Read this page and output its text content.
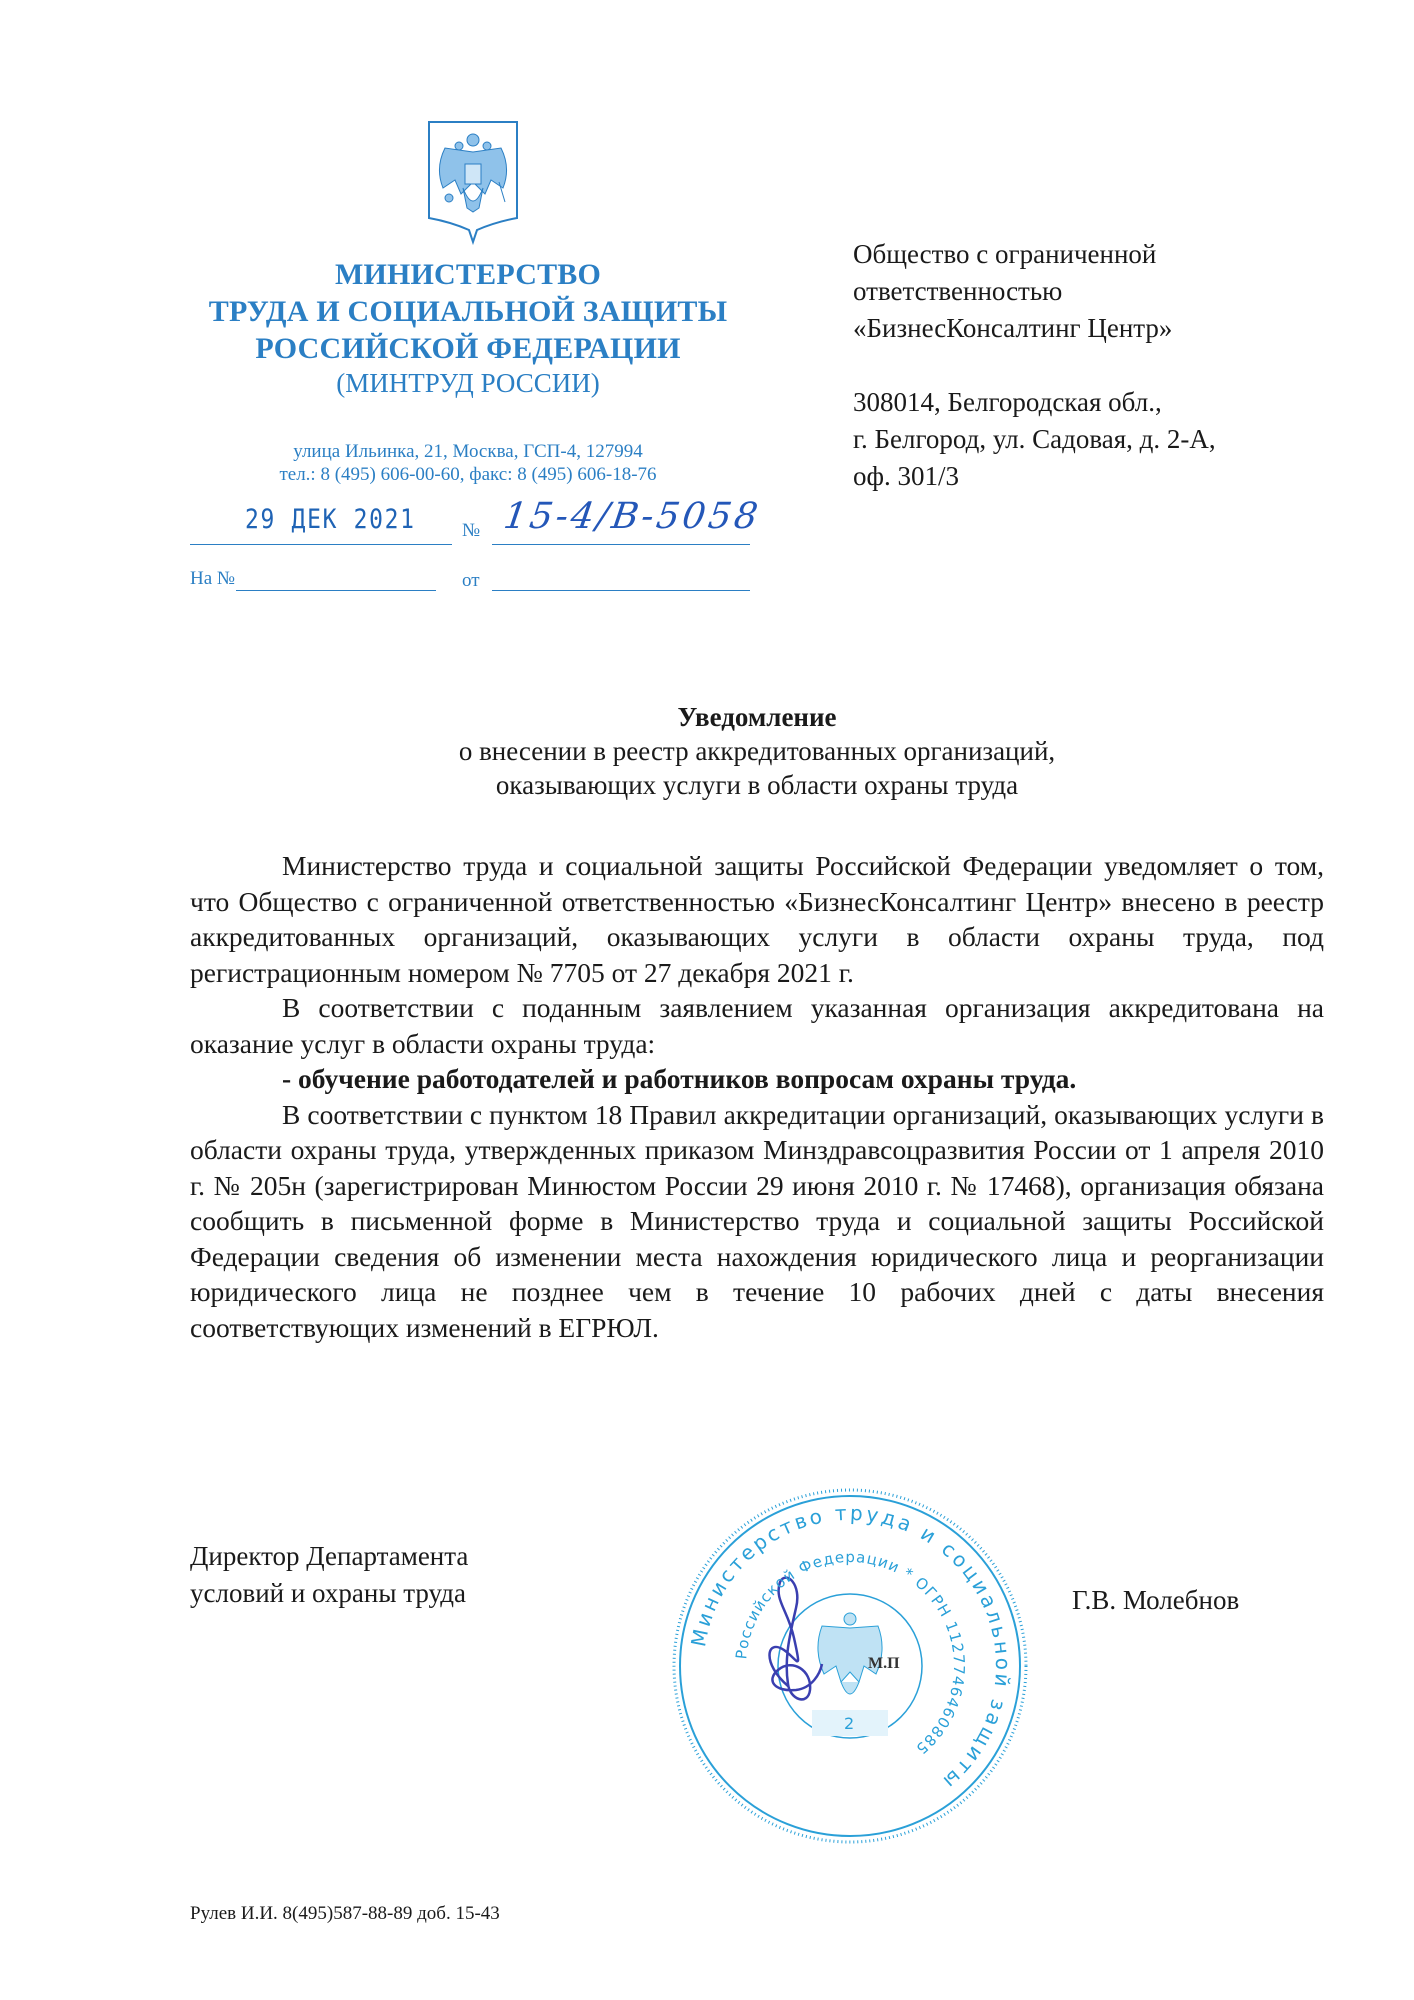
МИНИСТЕРСТВО
ТРУДА И СОЦИАЛЬНОЙ ЗАЩИТЫ
РОССИЙСКОЙ ФЕДЕРАЦИИ
(МИНТРУД РОССИИ)
улица Ильинка, 21, Москва, ГСП-4, 127994
тел.: 8 (495) 606-00-60, факс: 8 (495) 606-18-76
29 ДЕК 2021 № 15-4/В-5058
На №	от
Общество с ограниченной
ответственностью
«БизнесКонсалтинг Центр»
308014, Белгородская обл.,
г. Белгород, ул. Садовая, д. 2-А,
оф. 301/3
Уведомление
о внесении в реестр аккредитованных организаций,
оказывающих услуги в области охраны труда

Министерство труда и социальной защиты Российской Федерации уведомляет о том, что Общество с ограниченной ответственностью «БизнесКонсалтинг Центр» внесено в реестр аккредитованных организаций, оказывающих услуги в области охраны труда, под регистрационным номером № 7705 от 27 декабря 2021 г.

В соответствии с поданным заявлением указанная организация аккредитована на оказание услуг в области охраны труда:

- обучение работодателей и работников вопросам охраны труда.

В соответствии с пунктом 18 Правил аккредитации организаций, оказывающих услуги в области охраны труда, утвержденных приказом Минздравсоцразвития России от 1 апреля 2010 г. № 205н (зарегистрирован Минюстом России 29 июня 2010 г. № 17468), организация обязана сообщить в письменной форме в Министерство труда и социальной защиты Российской Федерации сведения об изменении места нахождения юридического лица и реорганизации юридического лица не позднее чем в течение 10 рабочих дней с даты внесения соответствующих изменений в ЕГРЮЛ.

Директор Департамента
условий и охраны труда
Министерство труда и социальной защиты
Российской Федерации * ОГРН 1127746460885
М.П
2
Г.В. Молебнов
Рулев И.И. 8(495)587-88-89 доб. 15-43
